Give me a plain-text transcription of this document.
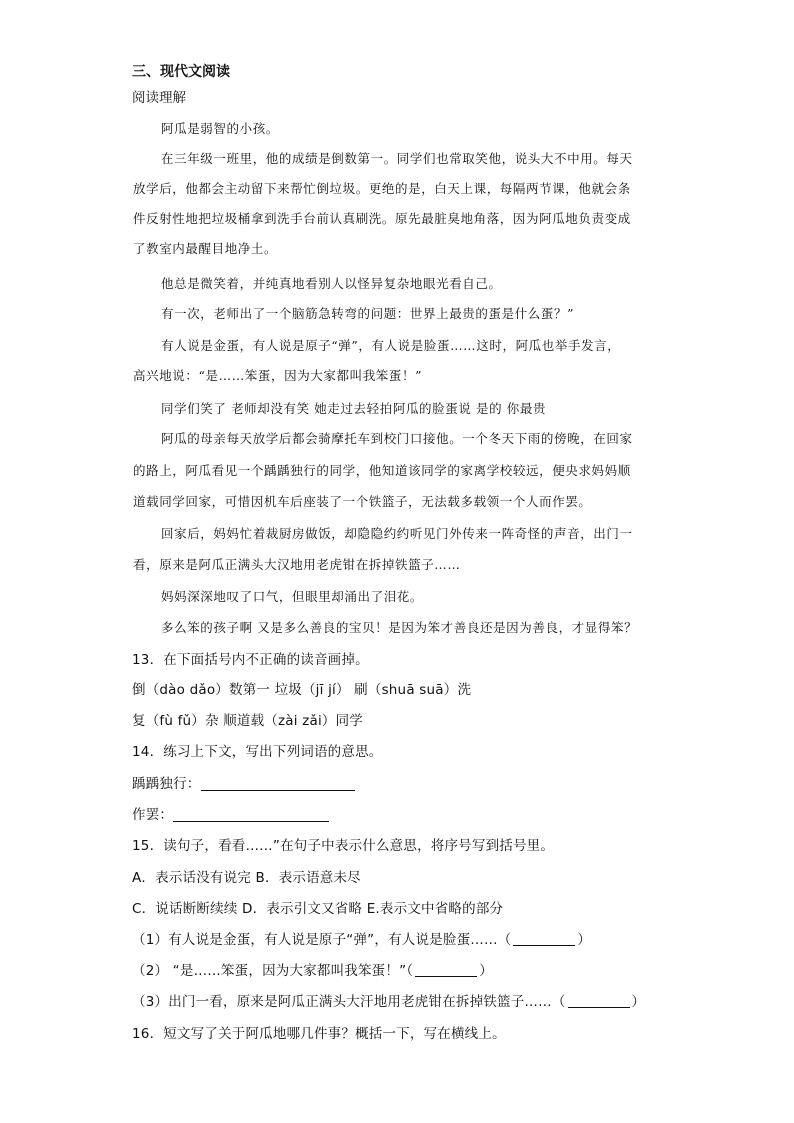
三、现代文阅读
阅读理解
阿瓜是弱智的小孩。
在三年级一班里，他的成绩是倒数第一。同学们也常取笑他，说头大不中用。每天
放学后，他都会主动留下来帮忙倒垃圾。更绝的是，白天上课，每隔两节课，他就会条
件反射性地把垃圾桶拿到洗手台前认真刷洗。原先最脏臭地角落，因为阿瓜地负责变成
了教室内最醒目地净土。
他总是微笑着，并纯真地看别人以怪异复杂地眼光看自己。
有一次，老师出了一个脑筋急转弯的问题：世界上最贵的蛋是什么蛋？”
有人说是金蛋，有人说是原子“弹”，有人说是脸蛋……这时，阿瓜也举手发言，
高兴地说：“是……笨蛋，因为大家都叫我笨蛋！”
同学们笑了 老师却没有笑 她走过去轻拍阿瓜的脸蛋说 是的 你最贵
阿瓜的母亲每天放学后都会骑摩托车到校门口接他。一个冬天下雨的傍晚，在回家
的路上，阿瓜看见一个踽踽独行的同学，他知道该同学的家离学校较远，便央求妈妈顺
道载同学回家，可惜因机车后座装了一个铁篮子，无法载多载领一个人而作罢。
回家后，妈妈忙着裁厨房做饭，却隐隐约约听见门外传来一阵奇怪的声音，出门一
看，原来是阿瓜正满头大汉地用老虎钳在拆掉铁篮子……
妈妈深深地叹了口气，但眼里却涌出了泪花。
多么笨的孩子啊 又是多么善良的宝贝！是因为笨才善良还是因为善良，才显得笨？
13．在下面括号内不正确的读音画掉。
倒（dào dǎo）数第一 垃圾（jī jí） 刷（shuā suā）洗
复（fù fǔ）杂 顺道载（zài zǎi）同学
14．练习上下文，写出下列词语的意思。
踽踽独行：
作罢：
15．读句子，看看……”在句子中表示什么意思，将序号写到括号里。
A．表示话没有说完 B．表示语意未尽
C．说话断断续续 D．表示引文又省略 E.表示文中省略的部分
（1）有人说是金蛋，有人说是原子“弹”，有人说是脸蛋……（	）
（2） “是……笨蛋，因为大家都叫我笨蛋！”（	）
（3）出门一看，原来是阿瓜正满头大汗地用老虎钳在拆掉铁篮子……（	）
16．短文写了关于阿瓜地哪几件事？概括一下，写在横线上。
